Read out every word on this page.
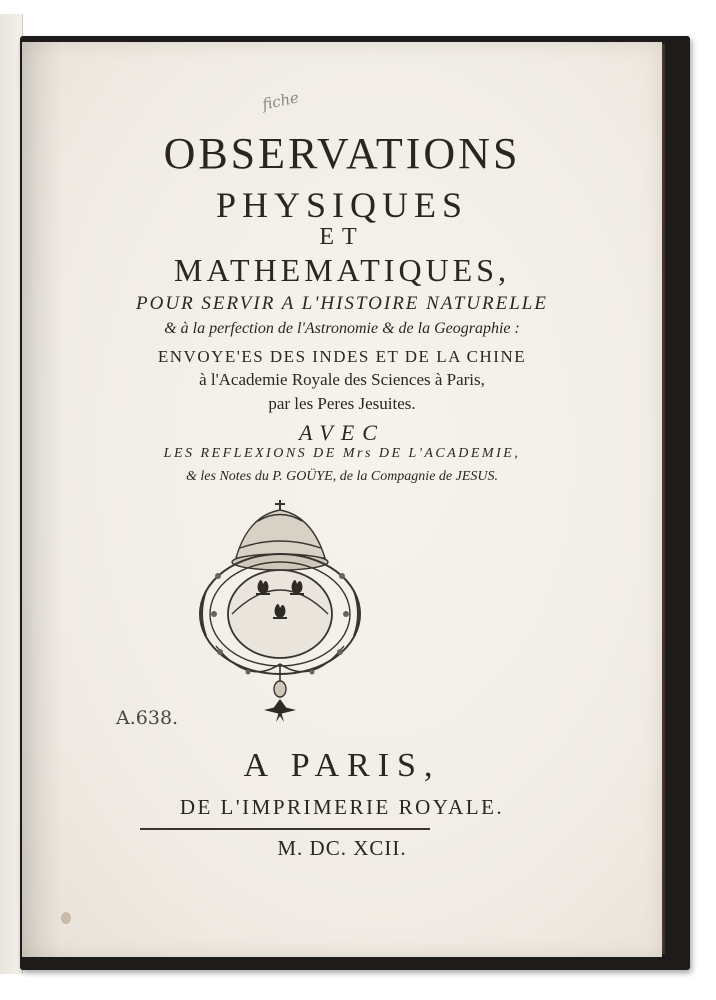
fiche
OBSERVATIONS
PHYSIQUES
ET
MATHEMATIQUES,
POUR SERVIR A L'HISTOIRE NATURELLE
& à la perfection de l'Astronomie & de la Geographie :
ENVOYE'ES DES INDES ET DE LA CHINE
à l'Academie Royale des Sciences à Paris,
par les Peres Jesuites.
AVEC
LES REFLEXIONS DE Mrs DE L'ACADEMIE,
& les Notes du P. GOÜYE, de la Compagnie de JESUS.
A.638.
A PARIS,
DE L'IMPRIMERIE ROYALE.
M. DC. XCII.
